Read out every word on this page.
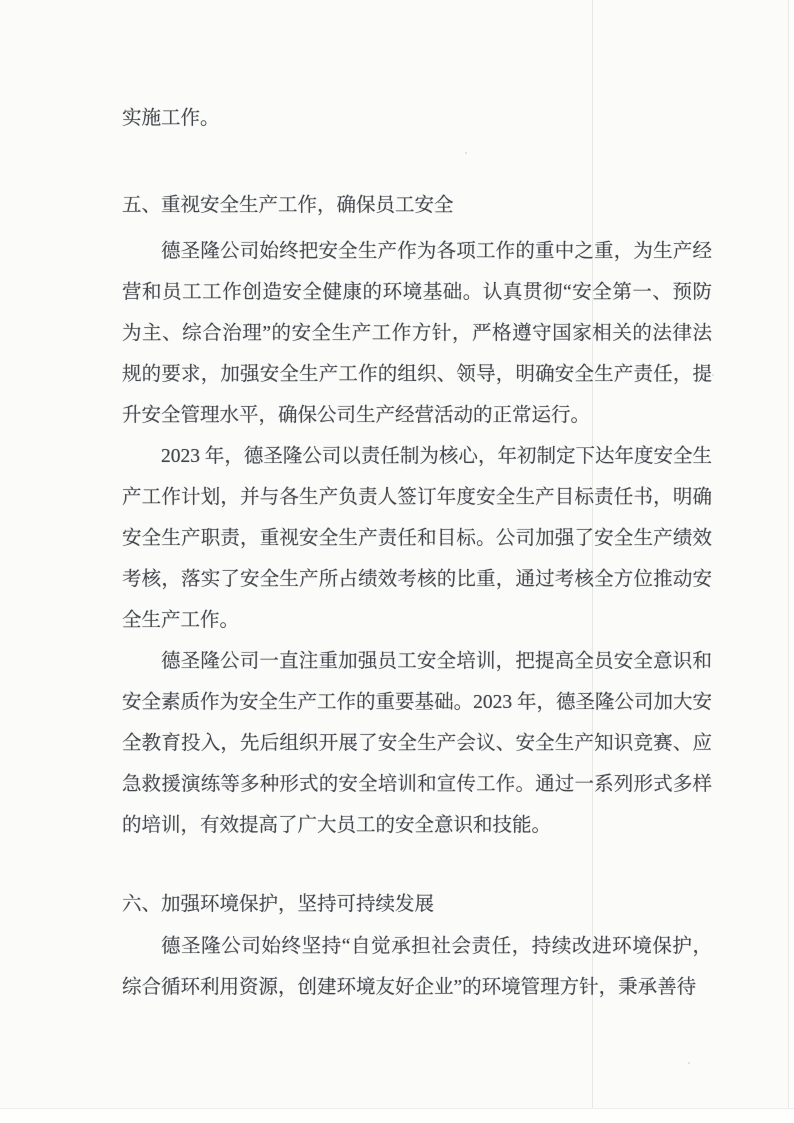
实施工作。

五、重视安全生产工作，确保员工安全

德圣隆公司始终把安全生产作为各项工作的重中之重，为生产经营和员工工作创造安全健康的环境基础。认真贯彻“安全第一、预防为主、综合治理”的安全生产工作方针，严格遵守国家相关的法律法规的要求，加强安全生产工作的组织、领导，明确安全生产责任，提升安全管理水平，确保公司生产经营活动的正常运行。

2023 年，德圣隆公司以责任制为核心，年初制定下达年度安全生产工作计划，并与各生产负责人签订年度安全生产目标责任书，明确安全生产职责，重视安全生产责任和目标。公司加强了安全生产绩效考核，落实了安全生产所占绩效考核的比重，通过考核全方位推动安全生产工作。

德圣隆公司一直注重加强员工安全培训，把提高全员安全意识和安全素质作为安全生产工作的重要基础。2023 年，德圣隆公司加大安全教育投入，先后组织开展了安全生产会议、安全生产知识竞赛、应急救援演练等多种形式的安全培训和宣传工作。通过一系列形式多样的培训，有效提高了广大员工的安全意识和技能。

六、加强环境保护，坚持可持续发展

德圣隆公司始终坚持“自觉承担社会责任，持续改进环境保护，综合循环利用资源，创建环境友好企业”的环境管理方针，秉承善待
